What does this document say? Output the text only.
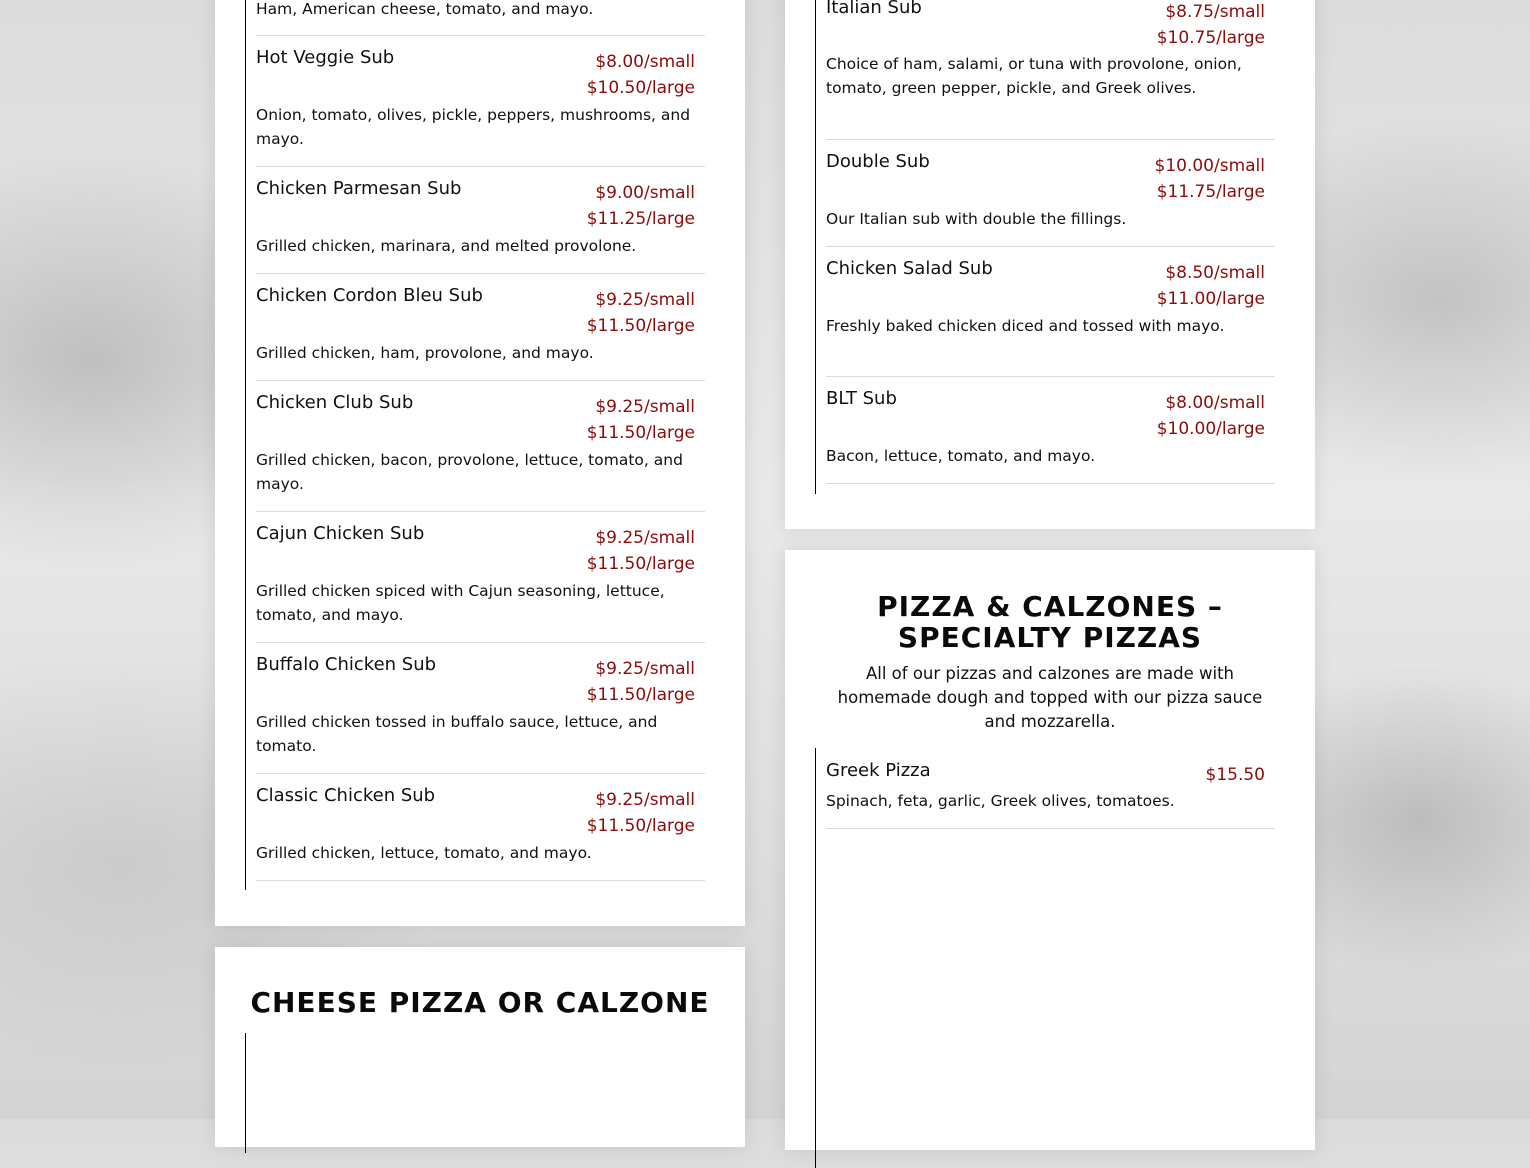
Ham, American cheese, tomato, and mayo.
Hot Veggie Sub	$8.00/small
$10.50/large
Onion, tomato, olives, pickle, peppers, mushrooms, and mayo.
Chicken Parmesan Sub	$9.00/small
$11.25/large
Grilled chicken, marinara, and melted provolone.
Chicken Cordon Bleu Sub	$9.25/small
$11.50/large
Grilled chicken, ham, provolone, and mayo.
Chicken Club Sub	$9.25/small
$11.50/large
Grilled chicken, bacon, provolone, lettuce, tomato, and mayo.
Cajun Chicken Sub	$9.25/small
$11.50/large
Grilled chicken spiced with Cajun seasoning, lettuce, tomato, and mayo.
Buffalo Chicken Sub	$9.25/small
$11.50/large
Grilled chicken tossed in buffalo sauce, lettuce, and tomato.
Classic Chicken Sub	$9.25/small
$11.50/large
Grilled chicken, lettuce, tomato, and mayo.
Italian Sub	$8.75/small
$10.75/large
Choice of ham, salami, or tuna with provolone, onion, tomato, green pepper, pickle, and Greek olives.
Double Sub	$10.00/small
$11.75/large
Our Italian sub with double the fillings.
Chicken Salad Sub	$8.50/small
$11.00/large
Freshly baked chicken diced and tossed with mayo.
BLT Sub	$8.00/small
$10.00/large
Bacon, lettuce, tomato, and mayo.
CHEESE PIZZA OR CALZONE
PIZZA & CALZONES – SPECIALTY PIZZAS
All of our pizzas and calzones are made with homemade dough and topped with our pizza sauce and mozzarella.
Greek Pizza	$15.50
Spinach, feta, garlic, Greek olives, tomatoes.
